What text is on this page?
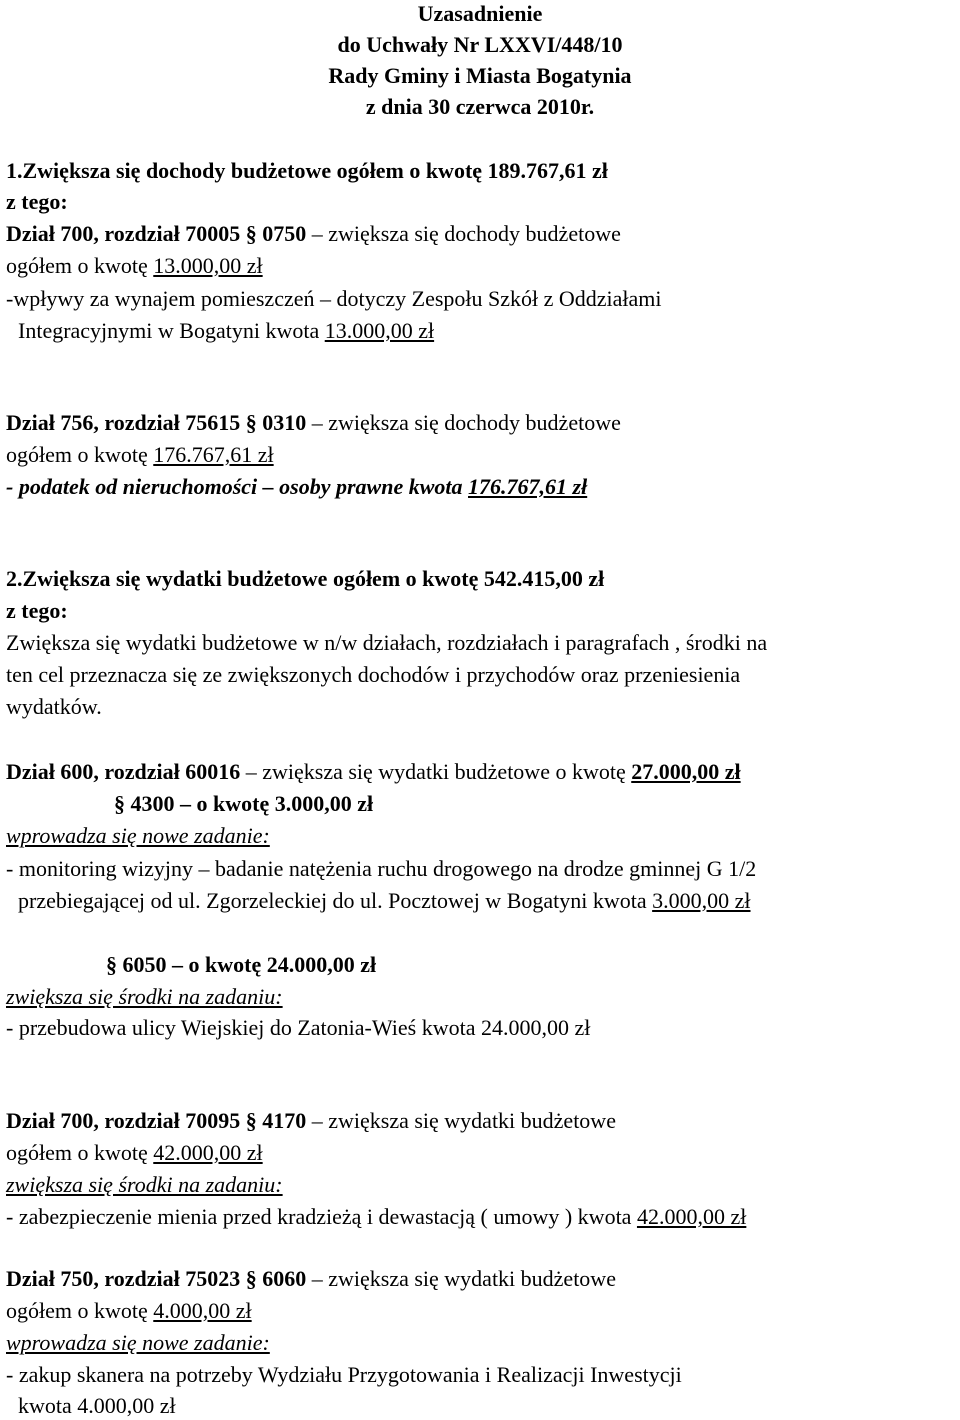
Uzasadnienie
do Uchwały Nr LXXVI/448/10
Rady Gminy i Miasta Bogatynia
z dnia 30 czerwca 2010r.
1.Zwiększa się dochody budżetowe ogółem o kwotę 189.767,61 zł
z tego:
Dział 700, rozdział 70005 § 0750 – zwiększa się dochody budżetowe
ogółem o kwotę 13.000,00 zł
-wpływy za wynajem pomieszczeń – dotyczy Zespołu Szkół z Oddziałami
Integracyjnymi w Bogatyni kwota 13.000,00 zł
Dział 756, rozdział 75615 § 0310 – zwiększa się dochody budżetowe
ogółem o kwotę 176.767,61 zł
- podatek od nieruchomości – osoby prawne kwota 176.767,61 zł
2.Zwiększa się wydatki budżetowe ogółem o kwotę 542.415,00 zł
z tego:
Zwiększa się wydatki budżetowe w n/w działach, rozdziałach i paragrafach , środki na
ten cel przeznacza się ze zwiększonych dochodów i przychodów oraz przeniesienia
wydatków.
Dział 600, rozdział 60016 – zwiększa się wydatki budżetowe o kwotę 27.000,00 zł
§ 4300 – o kwotę 3.000,00 zł
wprowadza się nowe zadanie:
- monitoring wizyjny – badanie natężenia ruchu drogowego na drodze gminnej G 1/2
przebiegającej od ul. Zgorzeleckiej do ul. Pocztowej w Bogatyni kwota 3.000,00 zł
§ 6050 – o kwotę 24.000,00 zł
zwiększa się środki na zadaniu:
- przebudowa ulicy Wiejskiej do Zatonia-Wieś kwota 24.000,00 zł
Dział 700, rozdział 70095 § 4170 – zwiększa się wydatki budżetowe
ogółem o kwotę 42.000,00 zł
zwiększa się środki na zadaniu:
- zabezpieczenie mienia przed kradzieżą i dewastacją ( umowy ) kwota 42.000,00 zł
Dział 750, rozdział 75023 § 6060 – zwiększa się wydatki budżetowe
ogółem o kwotę 4.000,00 zł
wprowadza się nowe zadanie:
- zakup skanera na potrzeby Wydziału Przygotowania i Realizacji Inwestycji
kwota 4.000,00 zł
